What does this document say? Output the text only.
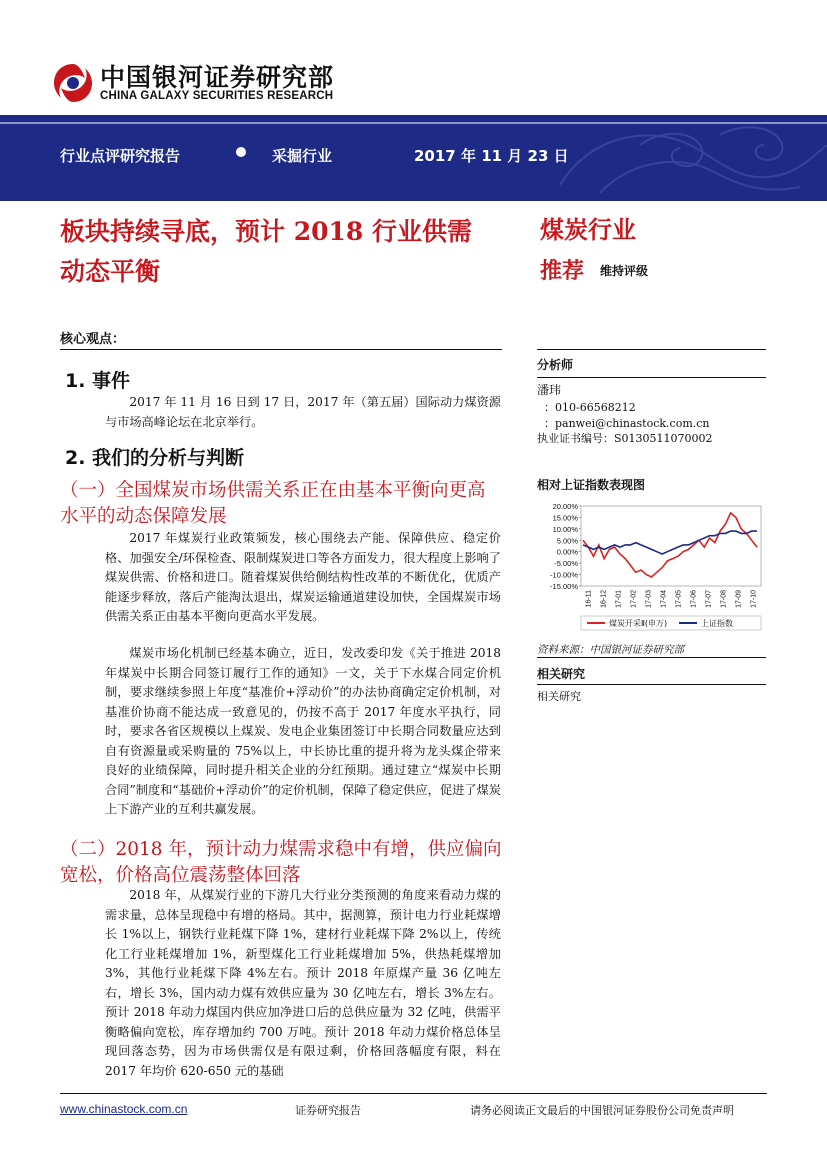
中国银河证券研究部
CHINA GALAXY SECURITIES RESEARCH
行业点评研究报告	采掘行业	2017 年 11 月 23 日
板块持续寻底，预计 2018 行业供需
动态平衡
煤炭行业
推荐 维持评级
核心观点：
1. 事件
2017 年 11 月 16 日到 17 日，2017 年（第五届）国际动力煤资源与市场高峰论坛在北京举行。
2. 我们的分析与判断
（一）全国煤炭市场供需关系正在由基本平衡向更高水平的动态保障发展
2017 年煤炭行业政策频发，核心围绕去产能、保障供应、稳定价格、加强安全/环保检查、限制煤炭进口等各方面发力，很大程度上影响了煤炭供需、价格和进口。随着煤炭供给侧结构性改革的不断优化，优质产能逐步释放，落后产能淘汰退出，煤炭运输通道建设加快，全国煤炭市场供需关系正由基本平衡向更高水平发展。
煤炭市场化机制已经基本确立，近日，发改委印发《关于推进 2018 年煤炭中长期合同签订履行工作的通知》一文，关于下水煤合同定价机制，要求继续参照上年度“基准价+浮动价”的办法协商确定定价机制，对基准价协商不能达成一致意见的，仍按不高于 2017 年度水平执行，同时，要求各省区规模以上煤炭、发电企业集团签订中长期合同数量应达到自有资源量或采购量的 75%以上，中长协比重的提升将为龙头煤企带来良好的业绩保障，同时提升相关企业的分红预期。通过建立“煤炭中长期合同”制度和“基础价+浮动价”的定价机制，保障了稳定供应，促进了煤炭上下游产业的互利共赢发展。
（二）2018 年，预计动力煤需求稳中有增，供应偏向宽松，价格高位震荡整体回落
2018 年，从煤炭行业的下游几大行业分类预测的角度来看动力煤的需求量，总体呈现稳中有增的格局。其中，据测算，预计电力行业耗煤增长 1%以上，钢铁行业耗煤下降 1%，建材行业耗煤下降 2%以上，传统化工行业耗煤增加 1%，新型煤化工行业耗煤增加 5%，供热耗煤增加 3%，其他行业耗煤下降 4%左右。预计 2018 年原煤产量 36 亿吨左右，增长 3%，国内动力煤有效供应量为 30 亿吨左右，增长 3%左右。预计 2018 年动力煤国内供应加净进口后的总供应量为 32 亿吨，供需平衡略偏向宽松，库存增加约 700 万吨。预计 2018 年动力煤价格总体呈现回落态势，因为市场供需仅是有限过剩，价格回落幅度有限，料在 2017 年均价 620-650 元的基础
分析师
潘玮
：010-66568212
：panwei@chinastock.com.cn
执业证书编号：S0130511070002
相对上证指数表现图
20.00%
15.00%
10.00%
5.00%
0.00%
-5.00%
-10.00%
-15.00%
16-11 16-12 17-01 17-02 17-03 17-04 17-05 17-06 17-07 17-08 17-09 17-10
煤炭开采Ⅱ(申万)	上证指数
资料来源：中国银河证券研究部
相关研究
相关研究
www.chinastock.com.cn	证券研究报告	请务必阅读正文最后的中国银河证券股份公司免责声明
